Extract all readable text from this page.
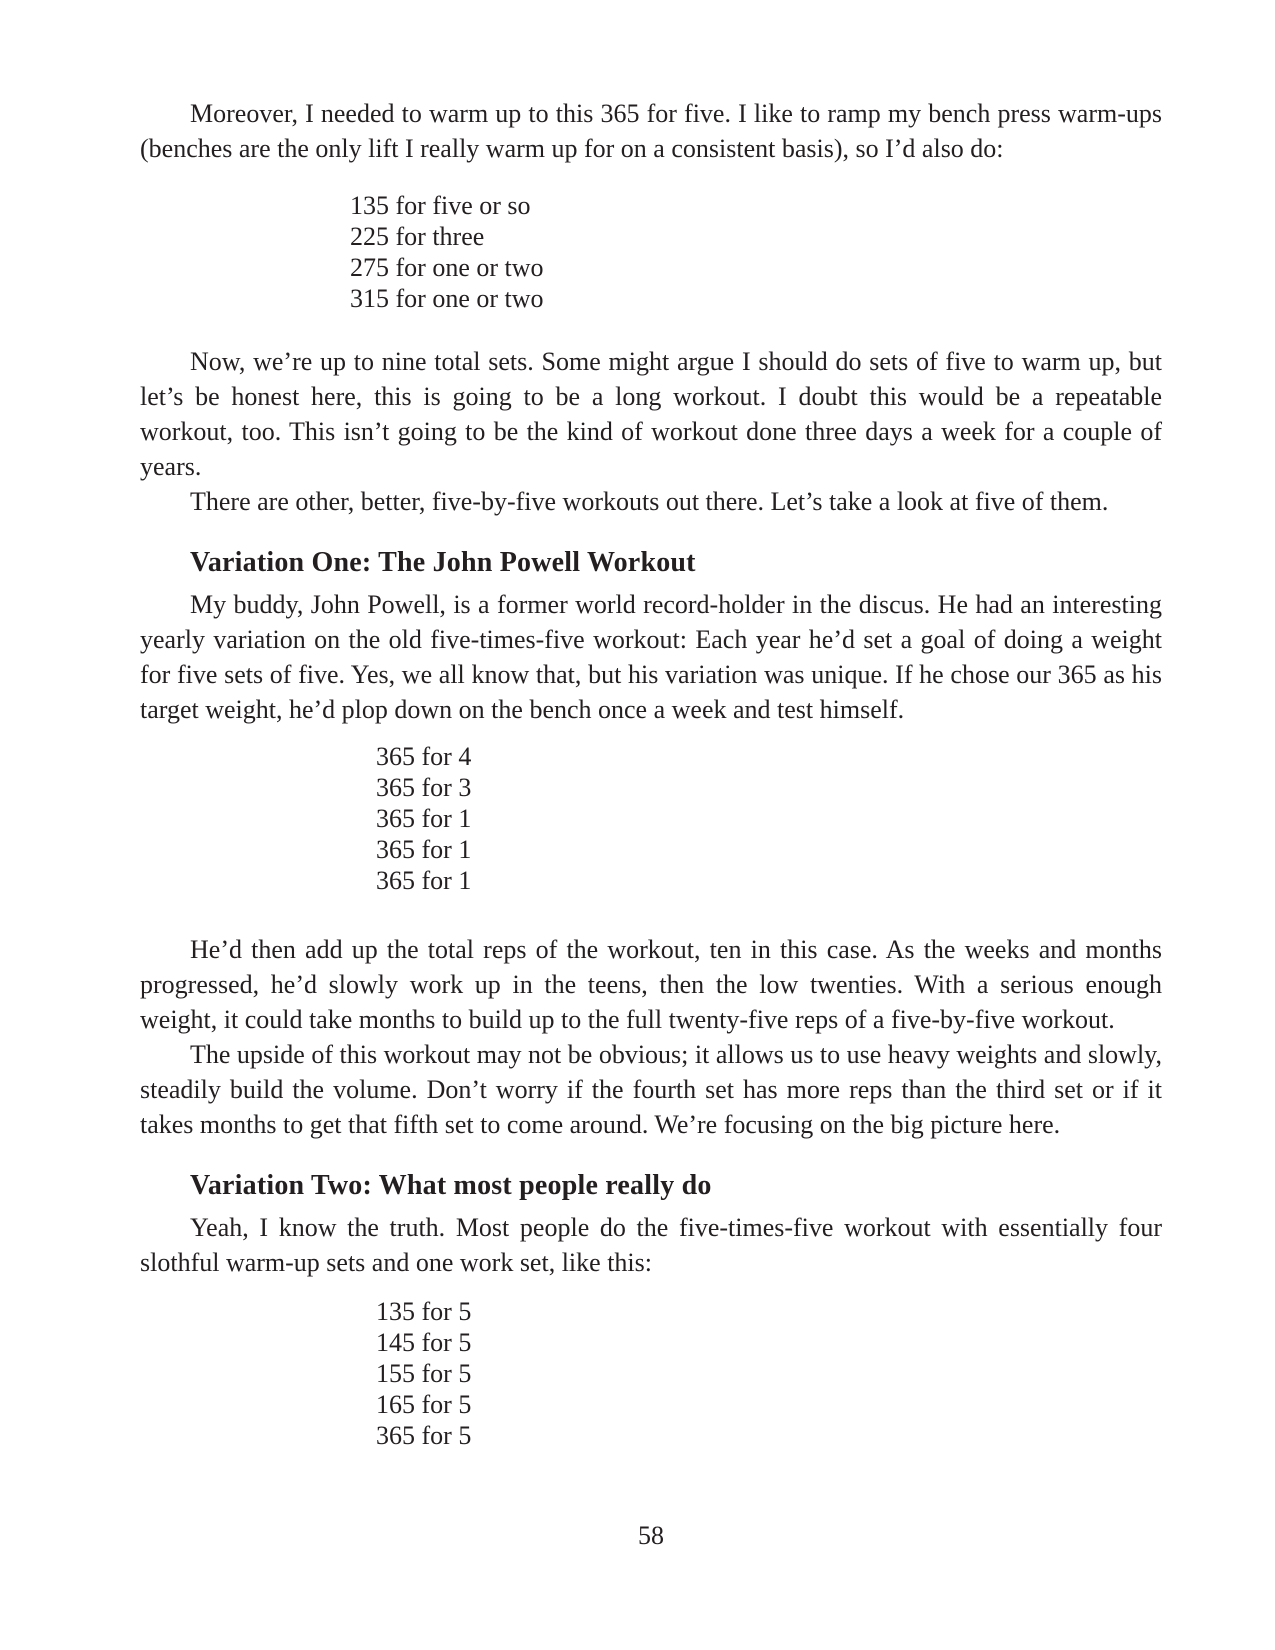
Moreover, I needed to warm up to this 365 for five. I like to ramp my bench press warm-ups (benches are the only lift I really warm up for on a consistent basis), so I’d also do:

135 for five or so
225 for three
275 for one or two
315 for one or two

Now, we’re up to nine total sets. Some might argue I should do sets of five to warm up, but let’s be honest here, this is going to be a long workout. I doubt this would be a repeatable workout, too. This isn’t going to be the kind of workout done three days a week for a couple of years.

There are other, better, five-by-five workouts out there. Let’s take a look at five of them.

Variation One: The John Powell Workout

My buddy, John Powell, is a former world record-holder in the discus. He had an interesting yearly variation on the old five-times-five workout: Each year he’d set a goal of doing a weight for five sets of five. Yes, we all know that, but his variation was unique. If he chose our 365 as his target weight, he’d plop down on the bench once a week and test himself.

365 for 4
365 for 3
365 for 1
365 for 1
365 for 1

He’d then add up the total reps of the workout, ten in this case. As the weeks and months progressed, he’d slowly work up in the teens, then the low twenties. With a serious enough weight, it could take months to build up to the full twenty-five reps of a five-by-five workout.

The upside of this workout may not be obvious; it allows us to use heavy weights and slowly, steadily build the volume. Don’t worry if the fourth set has more reps than the third set or if it takes months to get that fifth set to come around. We’re focusing on the big picture here.

Variation Two: What most people really do

Yeah, I know the truth. Most people do the five-times-five workout with essentially four slothful warm-up sets and one work set, like this:

135 for 5
145 for 5
155 for 5
165 for 5
365 for 5
58
